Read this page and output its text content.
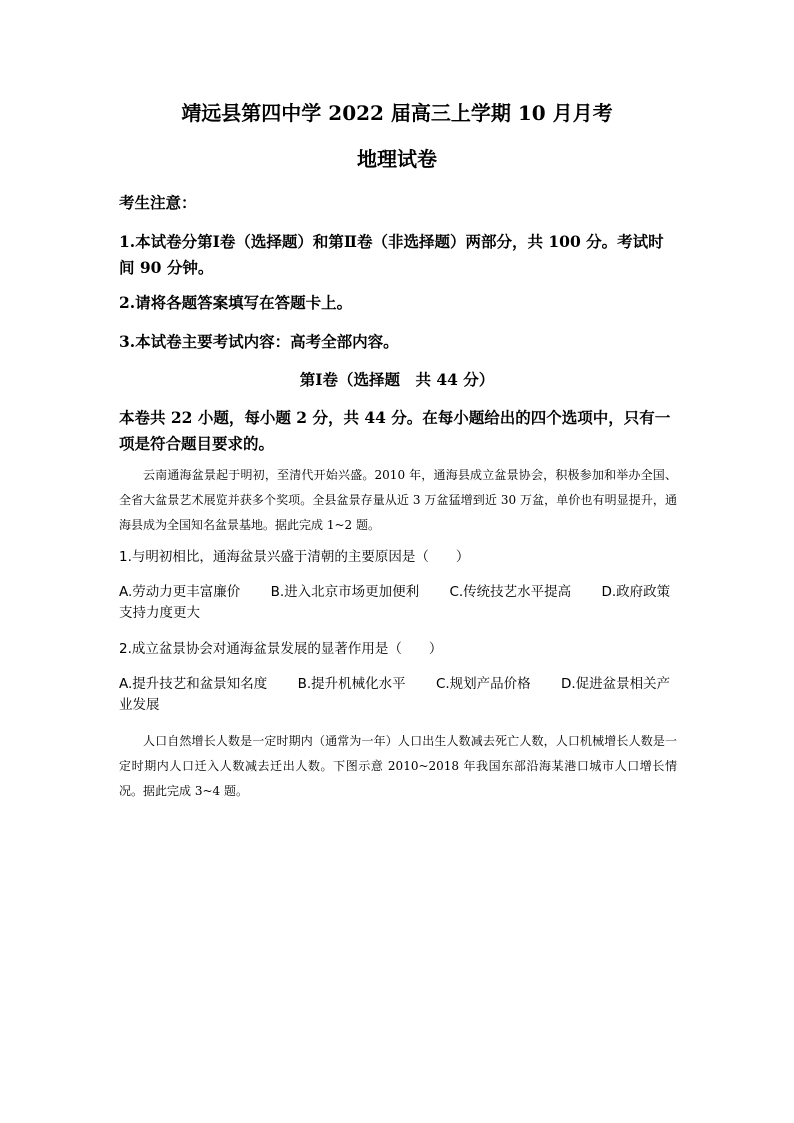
靖远县第四中学 2022 届高三上学期 10 月月考
地理试卷
考生注意：
1.本试卷分第Ⅰ卷（选择题）和第Ⅱ卷（非选择题）两部分，共 100 分。考试时间 90 分钟。
2.请将各题答案填写在答题卡上。
3.本试卷主要考试内容：高考全部内容。
第Ⅰ卷（选择题　共 44 分）
本卷共 22 小题，每小题 2 分，共 44 分。在每小题给出的四个选项中，只有一项是符合题目要求的。
云南通海盆景起于明初，至清代开始兴盛。2010 年，通海县成立盆景协会，积极参加和举办全国、全省大盆景艺术展览并获多个奖项。全县盆景存量从近 3 万盆猛增到近 30 万盆，单价也有明显提升，通海县成为全国知名盆景基地。据此完成 1~2 题。
1.与明初相比，通海盆景兴盛于清朝的主要原因是（　　）
A.劳动力更丰富廉价 B.进入北京市场更加便利 C.传统技艺水平提高 D.政府政策支持力度更大
2.成立盆景协会对通海盆景发展的显著作用是（　　）
A.提升技艺和盆景知名度 B.提升机械化水平 C.规划产品价格 D.促进盆景相关产业发展
人口自然增长人数是一定时期内（通常为一年）人口出生人数减去死亡人数，人口机械增长人数是一定时期内人口迁入人数减去迁出人数。下图示意 2010~2018 年我国东部沿海某港口城市人口增长情况。据此完成 3~4 题。
